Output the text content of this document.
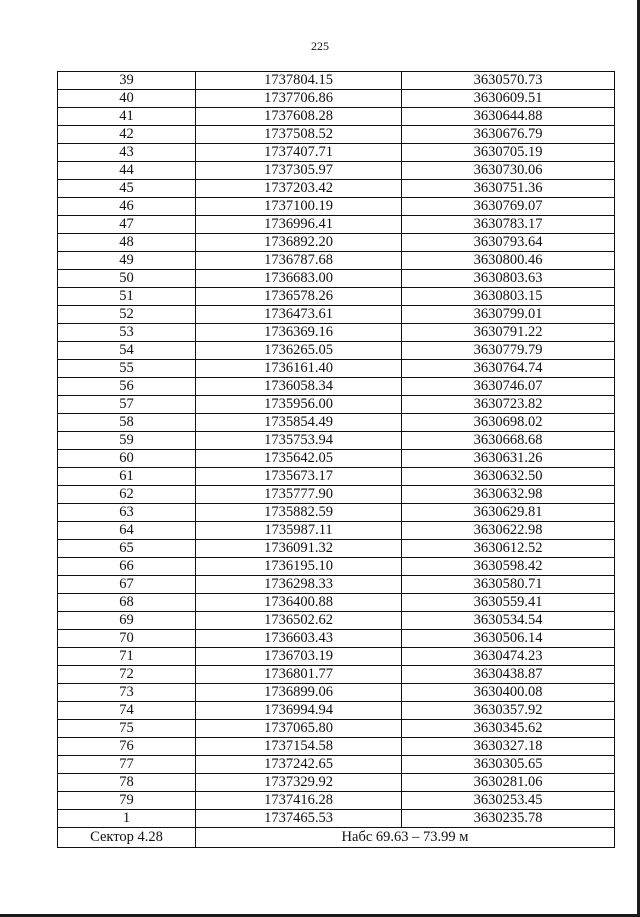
225
39	1737804.15	3630570.73
40	1737706.86	3630609.51
41	1737608.28	3630644.88
42	1737508.52	3630676.79
43	1737407.71	3630705.19
44	1737305.97	3630730.06
45	1737203.42	3630751.36
46	1737100.19	3630769.07
47	1736996.41	3630783.17
48	1736892.20	3630793.64
49	1736787.68	3630800.46
50	1736683.00	3630803.63
51	1736578.26	3630803.15
52	1736473.61	3630799.01
53	1736369.16	3630791.22
54	1736265.05	3630779.79
55	1736161.40	3630764.74
56	1736058.34	3630746.07
57	1735956.00	3630723.82
58	1735854.49	3630698.02
59	1735753.94	3630668.68
60	1735642.05	3630631.26
61	1735673.17	3630632.50
62	1735777.90	3630632.98
63	1735882.59	3630629.81
64	1735987.11	3630622.98
65	1736091.32	3630612.52
66	1736195.10	3630598.42
67	1736298.33	3630580.71
68	1736400.88	3630559.41
69	1736502.62	3630534.54
70	1736603.43	3630506.14
71	1736703.19	3630474.23
72	1736801.77	3630438.87
73	1736899.06	3630400.08
74	1736994.94	3630357.92
75	1737065.80	3630345.62
76	1737154.58	3630327.18
77	1737242.65	3630305.65
78	1737329.92	3630281.06
79	1737416.28	3630253.45
1	1737465.53	3630235.78
Сектор 4.28	Набс 69.63 – 73.99 м	
